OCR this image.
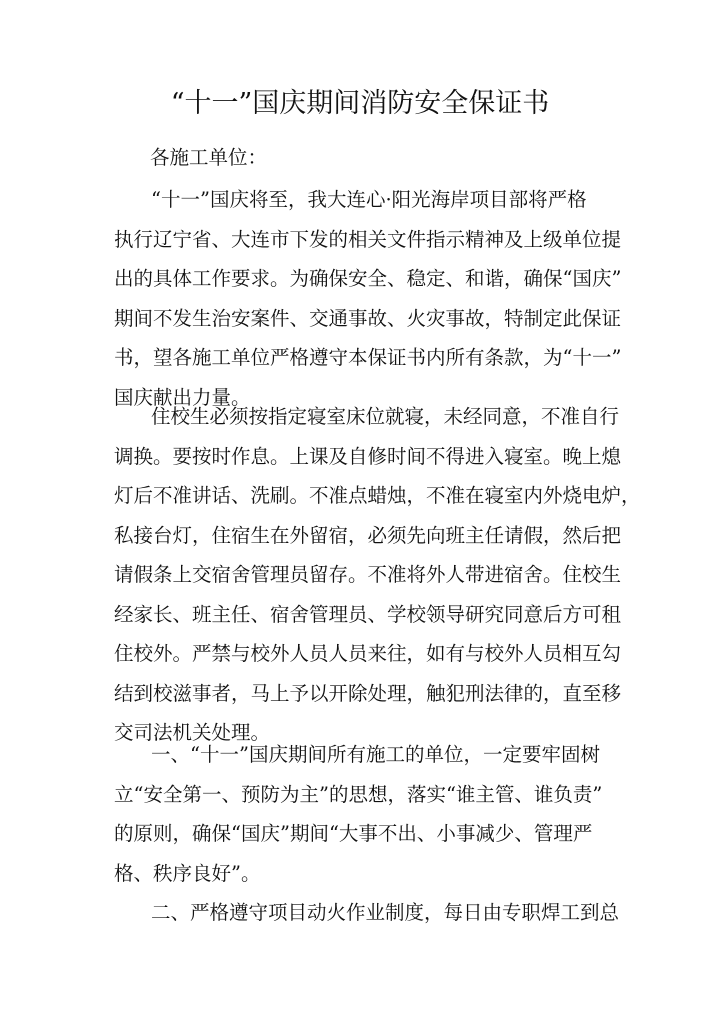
“十一”国庆期间消防安全保证书
各施工单位：
“十一”国庆将至，我大连心·阳光海岸项目部将严格
执行辽宁省、大连市下发的相关文件指示精神及上级单位提
出的具体工作要求。为确保安全、稳定、和谐，确保“国庆”
期间不发生治安案件、交通事故、火灾事故，特制定此保证
书，望各施工单位严格遵守本保证书内所有条款，为“十一”
国庆献出力量。
住校生必须按指定寝室床位就寝，未经同意，不准自行
调换。要按时作息。上课及自修时间不得进入寝室。晚上熄
灯后不准讲话、洗刷。不准点蜡烛，不准在寝室内外烧电炉，
私接台灯，住宿生在外留宿，必须先向班主任请假，然后把
请假条上交宿舍管理员留存。不准将外人带进宿舍。住校生
经家长、班主任、宿舍管理员、学校领导研究同意后方可租
住校外。严禁与校外人员人员来往，如有与校外人员相互勾
结到校滋事者，马上予以开除处理，触犯刑法律的，直至移
交司法机关处理。
一、“十一”国庆期间所有施工的单位，一定要牢固树
立“安全第一、预防为主”的思想，落实“谁主管、谁负责”
的原则，确保“国庆”期间“大事不出、小事减少、管理严
格、秩序良好”。
二、严格遵守项目动火作业制度，每日由专职焊工到总
